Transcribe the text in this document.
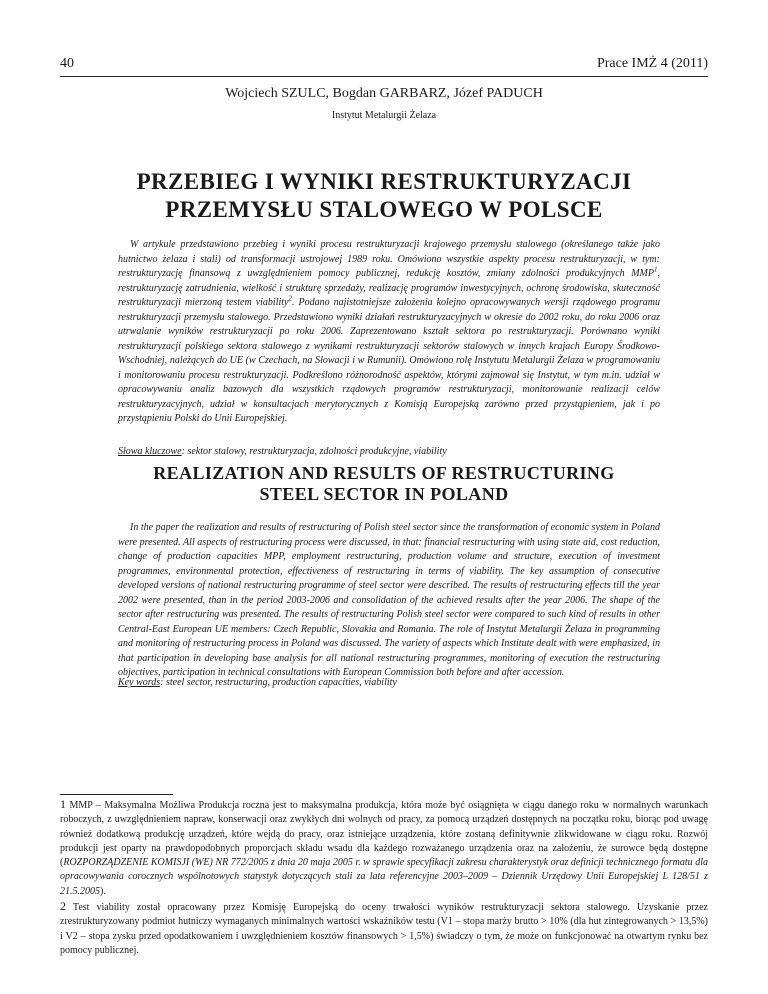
40	Prace IMŻ 4 (2011)
Wojciech SZULC, Bogdan GARBARZ, Józef PADUCH
Instytut Metalurgii Żelaza
PRZEBIEG I WYNIKI RESTRUKTURYZACJI
PRZEMYSŁU STALOWEGO W POLSCE
W artykule przedstawiono przebieg i wyniki procesu restrukturyzacji krajowego przemysłu stalowego (określanego także jako hutnictwo żelaza i stali) od transformacji ustrojowej 1989 roku. Omówiono wszystkie aspekty procesu restrukturyzacji, w tym: restrukturyzację finansową z uwzględnieniem pomocy publicznej, redukcję kosztów, zmiany zdolności produkcyjnych MMP$^1$, restrukturyzację zatrudnienia, wielkość i strukturę sprzedaży, realizację programów inwestycyjnych, ochronę środowiska, skuteczność restrukturyzacji mierzoną testem viability$^2$. Podano najistotniejsze założenia kolejno opracowywanych wersji rządowego programu restrukturyzacji przemysłu stalowego. Przedstawiono wyniki działań restrukturyzacyjnych w okresie do 2002 roku, do roku 2006 oraz utrwalanie wyników restrukturyzacji po roku 2006. Zaprezentowano kształt sektora po restrukturyzacji. Porównano wyniki restrukturyzacji polskiego sektora stalowego z wynikami restrukturyzacji sektorów stalowych w innych krajach Europy Środkowo-Wschodniej, należących do UE (w Czechach, na Słowacji i w Rumunii). Omówiono rolę Instytutu Metalurgii Żelaza w programowaniu i monitorowaniu procesu restrukturyzacji. Podkreślono różnorodność aspektów, którymi zajmował się Instytut, w tym m.in. udział w opracowywaniu analiz bazowych dla wszystkich rządowych programów restrukturyzacji, monitorowanie realizacji celów restrukturyzacyjnych, udział w konsultacjach merytorycznych z Komisją Europejską zarówno przed przystąpieniem, jak i po przystąpieniu Polski do Unii Europejskiej.
Słowa kluczowe: sektor stalowy, restrukturyzacja, zdolności produkcyjne, viability
REALIZATION AND RESULTS OF RESTRUCTURING
STEEL SECTOR IN POLAND
In the paper the realization and results of restructuring of Polish steel sector since the transformation of economic system in Poland were presented. All aspects of restructuring process were discussed, in that: financial restructuring with using state aid, cost reduction, change of production capacities MPP, employment restructuring, production volume and structure, execution of investment programmes, environmental protection, effectiveness of restructuring in terms of viability. The key assumption of consecutive developed versions of national restructuring programme of steel sector were described. The results of restructuring effects till the year 2002 were presented, than in the period 2003-2006 and consolidation of the achieved results after the year 2006. The shape of the sector after restructuring was presented. The results of restructuring Polish steel sector were compared to such kind of results in other Central-East European UE members: Czech Republic, Slovakia and Romania. The role of Instytut Metalurgii Żelaza in programming and monitoring of restructuring process in Poland was discussed. The variety of aspects which Institute dealt with were emphasized, in that participation in developing base analysis for all national restructuring programmes, monitoring of execution the restructuring objectives, participation in technical consultations with European Commission both before and after accession.
Key words: steel sector, restructuring, production capacities, viability

1 MMP – Maksymalna Możliwa Produkcja roczna jest to maksymalna produkcja, która może być osiągnięta w ciągu danego roku w normalnych warunkach roboczych, z uwzględnieniem napraw, konserwacji oraz zwykłych dni wolnych od pracy, za pomocą urządzeń dostępnych na początku roku, biorąc pod uwagę również dodatkową produkcję urządzeń, które wejdą do pracy, oraz istniejące urządzenia, które zostaną definitywnie zlikwidowane w ciągu roku. Rozwój produkcji jest oparty na prawdopodobnych proporcjach składu wsadu dla każdego rozważanego urządzenia oraz na założeniu, że surowce będą dostępne (ROZPORZĄDZENIE KOMISJI (WE) NR 772/2005 z dnia 20 maja 2005 r. w sprawie specyfikacji zakresu charakterystyk oraz definicji technicznego formatu dla opracowywania corocznych wspólnotowych statystyk dotyczących stali za lata referencyjne 2003–2009 – Dziennik Urzędowy Unii Europejskiej L 128/51 z 21.5.2005).

2 Test viability został opracowany przez Komisję Europejską do oceny trwałości wyników restrukturyzacji sektora stalowego. Uzyskanie przez zrestrukturyzowany podmiot hutniczy wymaganych minimalnych wartości wskaźników testu (V1 – stopa marży brutto > 10% (dla hut zintegrowanych > 13,5%) i V2 – stopa zysku przed opodatkowaniem i uwzględnieniem kosztów finansowych > 1,5%) świadczy o tym, że może on funkcjonować na otwartym rynku bez pomocy publicznej.
